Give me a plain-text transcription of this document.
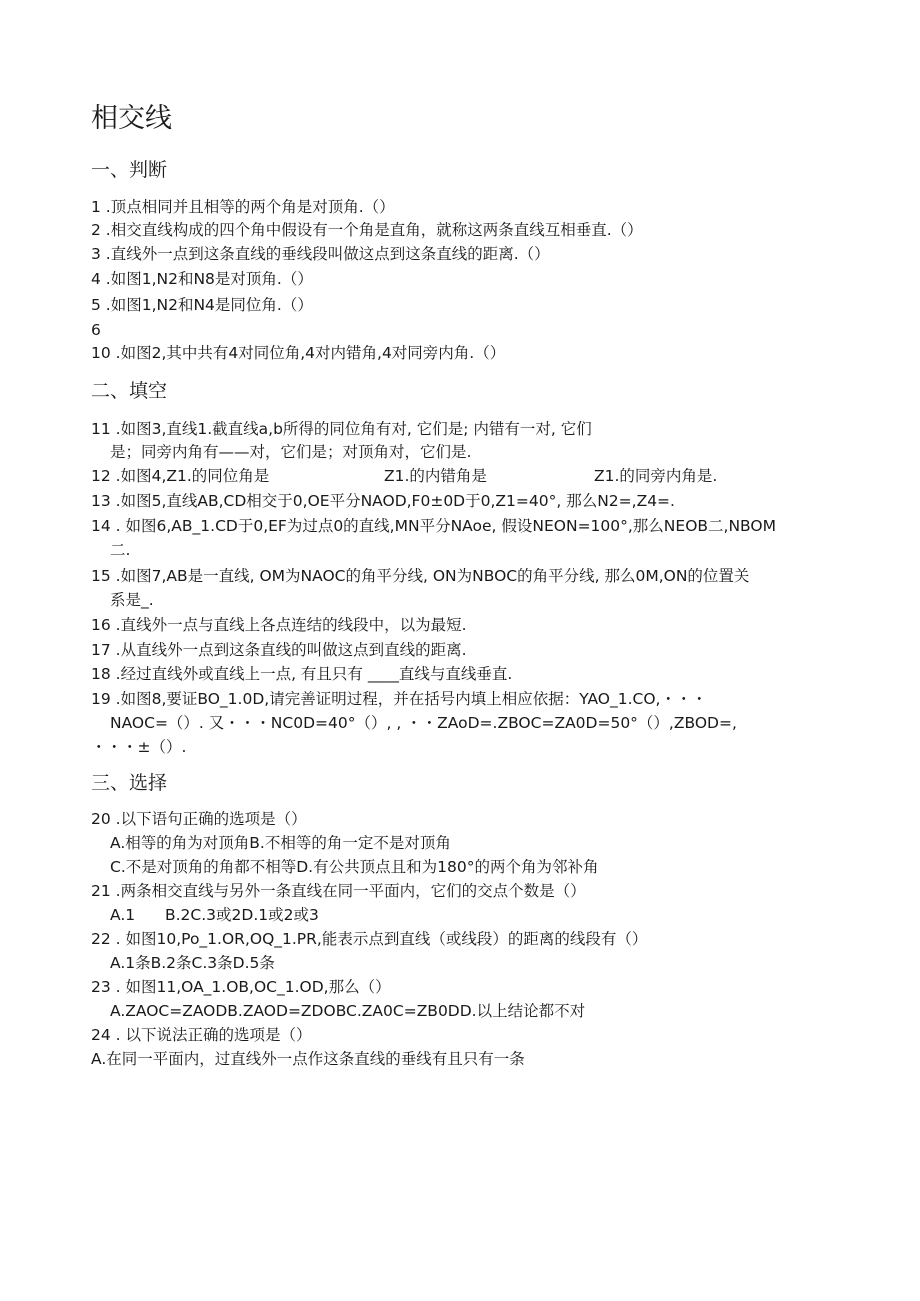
相交线
一、判断
1 .顶点相同并且相等的两个角是对顶角.（）
2 .相交直线构成的四个角中假设有一个角是直角，就称这两条直线互相垂直.（）
3 .直线外一点到这条直线的垂线段叫做这点到这条直线的距离.（）
4 .如图1,N2和N8是对顶角.（）
5 .如图1,N2和N4是同位角.（）
6
10 .如图2,其中共有4对同位角,4对内错角,4对同旁内角.（）
二、填空
11 .如图3,直线1.截直线a,b所得的同位角有对, 它们是; 内错有一对, 它们
是；同旁内角有——对，它们是；对顶角对，它们是.
12 .如图4,Z1.的同位角是	Z1.的内错角是	Z1.的同旁内角是.
13 .如图5,直线AB,CD相交于0,OE平分NAOD,F0±0D于0,Z1=40°, 那么N2=,Z4=.
14 . 如图6,AB_1.CD于0,EF为过点0的直线,MN平分NAoe, 假设NEON=100°,那么NEOB二,NBOM
二.
15 .如图7,AB是一直线, OM为NAOC的角平分线, ON为NBOC的角平分线, 那么0M,ON的位置关
系是_.
16 .直线外一点与直线上各点连结的线段中，以为最短.
17 .从直线外一点到这条直线的叫做这点到直线的距离.
18 .经过直线外或直线上一点, 有且只有 ____直线与直线垂直.
19 .如图8,要证BO_1.0D,请完善证明过程，并在括号内填上相应依据：YAO_1.CO,・・・
NAOC=（）. 又・・・NC0D=40°（）, , ・・ZAoD=.ZBOC=ZA0D=50°（）,ZBOD=,
・・・±（）.
三、选择
20 .以下语句正确的选项是（）
A.相等的角为对顶角B.不相等的角一定不是对顶角
C.不是对顶角的角都不相等D.有公共顶点且和为180°的两个角为邻补角
21 .两条相交直线与另外一条直线在同一平面内，它们的交点个数是（）
A.1 B.2C.3或2D.1或2或3
22 . 如图10,Po_1.OR,OQ_1.PR,能表示点到直线（或线段）的距离的线段有（）
A.1条B.2条C.3条D.5条
23 . 如图11,OA_1.OB,OC_1.OD,那么（）
A.ZAOC=ZAODB.ZAOD=ZDOBC.ZA0C=ZB0DD.以上结论都不对
24 . 以下说法正确的选项是（）
A.在同一平面内，过直线外一点作这条直线的垂线有且只有一条
